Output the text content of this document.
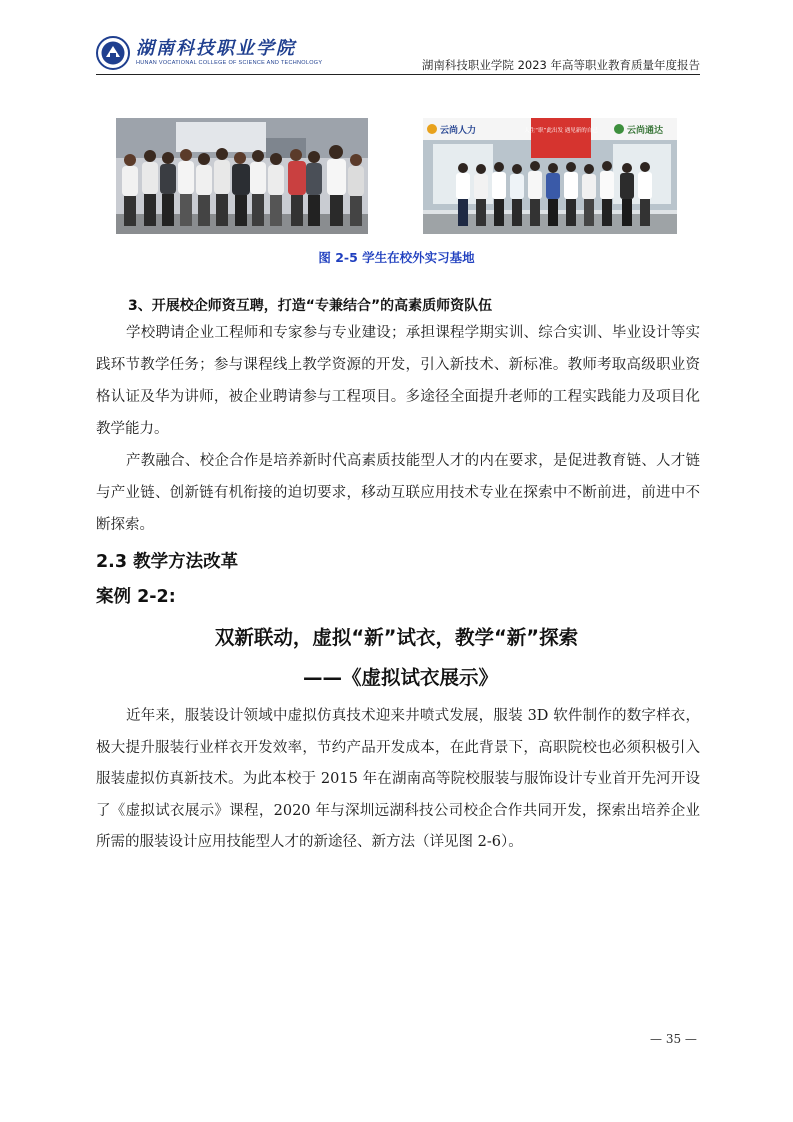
湖南科技职业学院
HUNAN VOCATIONAL COLLEGE OF SCIENCE AND TECHNOLOGY	湖南科技职业学院 2023 年高等职业教育质量年度报告
云尚人力	人生“职”此出发 遇见新的自己	云尚通达
图 2-5 学生在校外实习基地
3、开展校企师资互聘，打造“专兼结合”的高素质师资队伍

学校聘请企业工程师和专家参与专业建设；承担课程学期实训、综合实训、毕业设计等实践环节教学任务；参与课程线上教学资源的开发，引入新技术、新标准。教师考取高级职业资格认证及华为讲师，被企业聘请参与工程项目。多途径全面提升老师的工程实践能力及项目化教学能力。

产教融合、校企合作是培养新时代高素质技能型人才的内在要求，是促进教育链、人才链与产业链、创新链有机衔接的迫切要求，移动互联应用技术专业在探索中不断前进，前进中不断探索。

2.3 教学方法改革
案例 2-2:
双新联动，虚拟“新”试衣，教学“新”探索
——《虚拟试衣展示》

近年来，服装设计领域中虚拟仿真技术迎来井喷式发展，服装 3D 软件制作的数字样衣，极大提升服装行业样衣开发效率，节约产品开发成本，在此背景下，高职院校也必须积极引入服装虚拟仿真新技术。为此本校于 2015 年在湖南高等院校服装与服饰设计专业首开先河开设了《虚拟试衣展示》课程，2020 年与深圳远湖科技公司校企合作共同开发，探索出培养企业所需的服装设计应用技能型人才的新途径、新方法（详见图 2-6）。

— 35 —
